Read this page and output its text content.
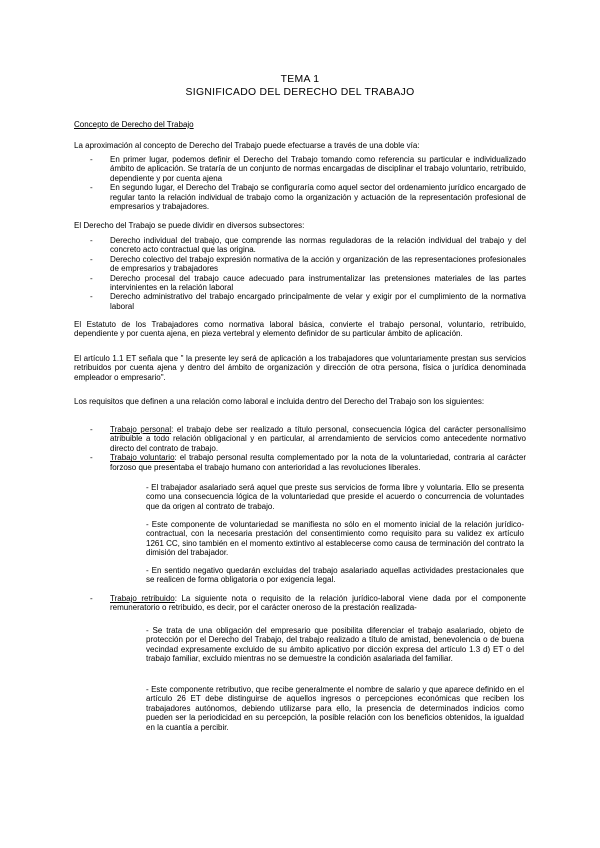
TEMA 1

SIGNIFICADO DEL DERECHO DEL TRABAJO

Concepto de Derecho del Trabajo

La aproximación al concepto de Derecho del Trabajo puede efectuarse a través de una doble vía:

- En primer lugar, podemos definir el Derecho del Trabajo tomando como referencia su particular e individualizado ámbito de aplicación. Se trataría de un conjunto de normas encargadas de disciplinar el trabajo voluntario, retribuido, dependiente y por cuenta ajena
- En segundo lugar, el Derecho del Trabajo se configuraría como aquel sector del ordenamiento jurídico encargado de regular tanto la relación individual de trabajo como la organización y actuación de la representación profesional de empresarios y trabajadores.

El Derecho del Trabajo se puede dividir en diversos subsectores:

- Derecho individual del trabajo, que comprende las normas reguladoras de la relación individual del trabajo y del concreto acto contractual que las origina.
- Derecho colectivo del trabajo expresión normativa de la acción y organización de las representaciones profesionales de empresarios y trabajadores
- Derecho procesal del trabajo cauce adecuado para instrumentalizar las pretensiones materiales de las partes intervinientes en la relación laboral
- Derecho administrativo del trabajo encargado principalmente de velar y exigir por el cumplimiento de la normativa laboral

El Estatuto de los Trabajadores como normativa laboral básica, convierte el trabajo personal, voluntario, retribuido, dependiente y por cuenta ajena, en pieza vertebral y elemento definidor de su particular ámbito de aplicación.

El artículo 1.1 ET señala que " la presente ley será de aplicación a los trabajadores que voluntariamente prestan sus servicios retribuidos por cuenta ajena y dentro del ámbito de organización y dirección de otra persona, física o jurídica denominada empleador o empresario".

Los requisitos que definen a una relación como laboral e incluida dentro del Derecho del Trabajo son los siguientes:

- Trabajo personal: el trabajo debe ser realizado a título personal, consecuencia lógica del carácter personalísimo atribuible a todo relación obligacional y en particular, al arrendamiento de servicios como antecedente normativo directo del contrato de trabajo.
- Trabajo voluntario: el trabajo personal resulta complementado por la nota de la voluntariedad, contraria al carácter forzoso que presentaba el trabajo humano con anterioridad a las revoluciones liberales.

- El trabajador asalariado será aquel que preste sus servicios de forma libre y voluntaria. Ello se presenta como una consecuencia lógica de la voluntariedad que preside el acuerdo o concurrencia de voluntades que da origen al contrato de trabajo.

- Este componente de voluntariedad se manifiesta no sólo en el momento inicial de la relación jurídico-contractual, con la necesaria prestación del consentimiento como requisito para su validez ex artículo 1261 CC, sino también en el momento extintivo al establecerse como causa de terminación del contrato la dimisión del trabajador.

- En sentido negativo quedarán excluidas del trabajo asalariado aquellas actividades prestacionales que se realicen de forma obligatoria o por exigencia legal.

- Trabajo retribuido: La siguiente nota o requisito de la relación jurídico-laboral viene dada por el componente remuneratorio o retribuido, es decir, por el carácter oneroso de la prestación realizada-

- Se trata de una obligación del empresario que posibilita diferenciar el trabajo asalariado, objeto de protección por el Derecho del Trabajo, del trabajo realizado a título de amistad, benevolencia o de buena vecindad expresamente excluido de su ámbito aplicativo por dicción expresa del artículo 1.3 d) ET o del trabajo familiar, excluido mientras no se demuestre la condición asalariada del familiar.

- Este componente retributivo, que recibe generalmente el nombre de salario y que aparece definido en el artículo 26 ET debe distinguirse de aquellos ingresos o percepciones económicas que reciben los trabajadores autónomos, debiendo utilizarse para ello, la presencia de determinados indicios como pueden ser la periodicidad en su percepción, la posible relación con los beneficios obtenidos, la igualdad en la cuantía a percibir.
